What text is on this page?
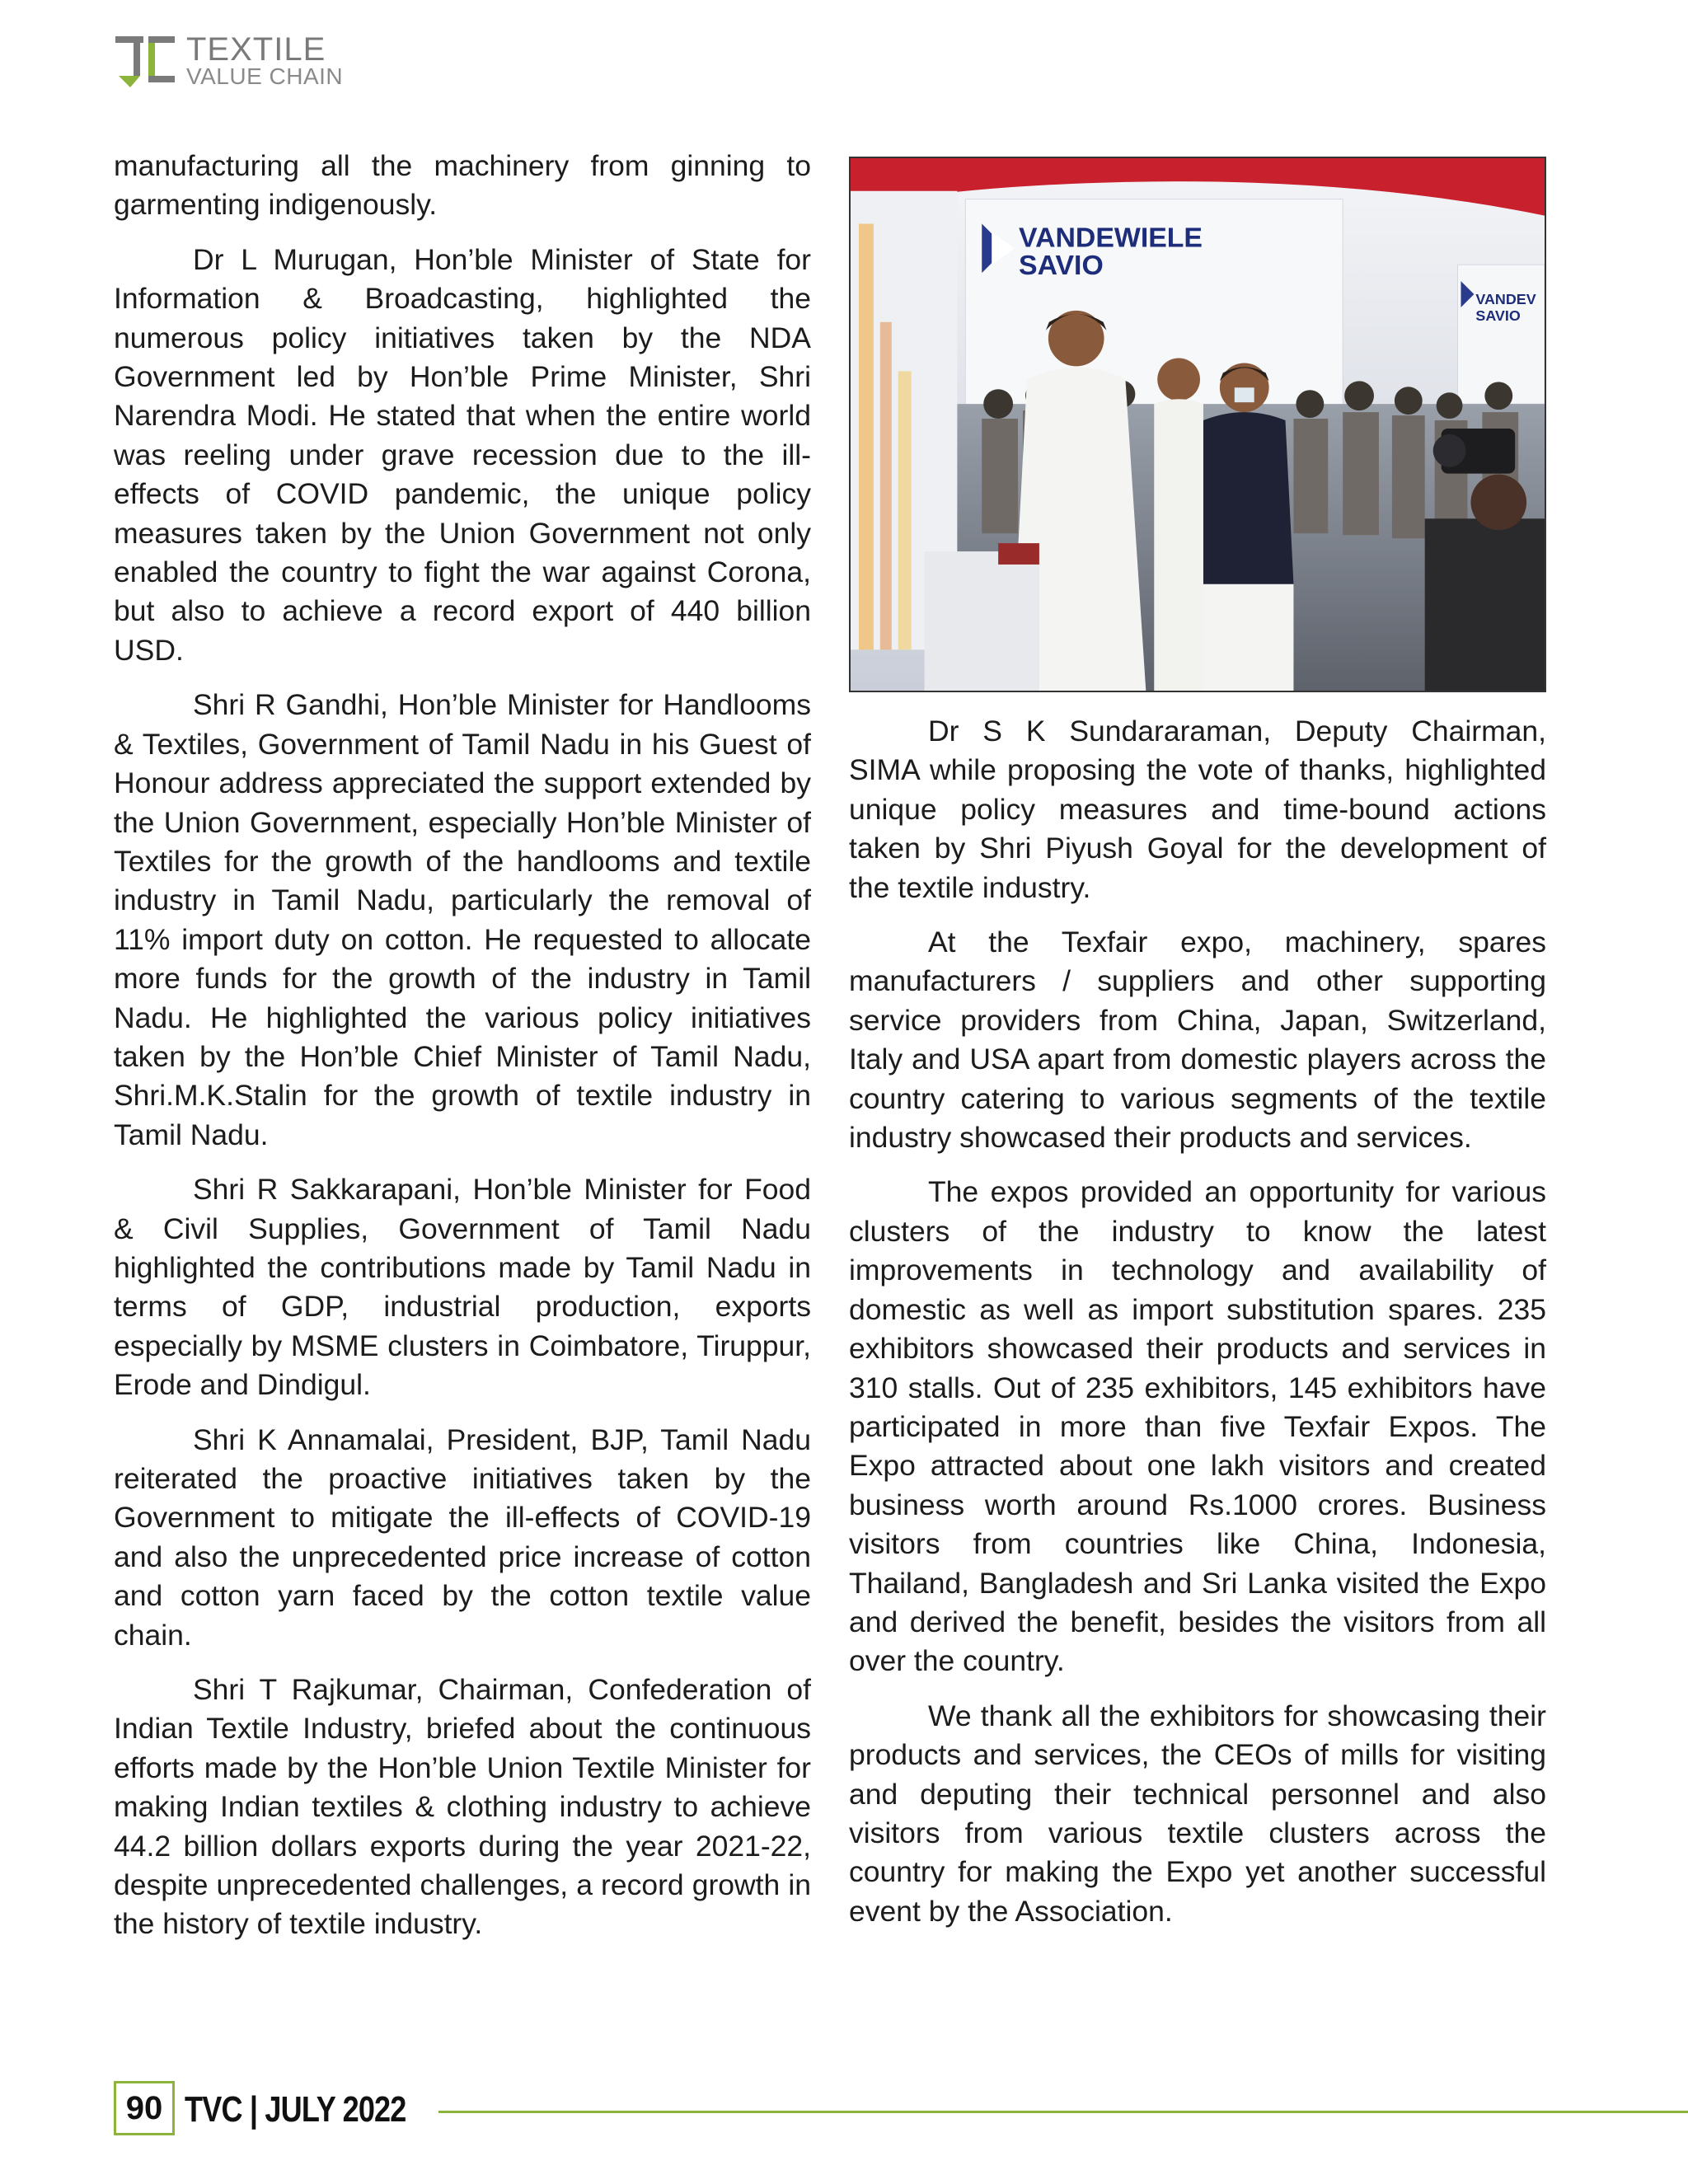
TEXTILE
VALUE CHAIN

manufacturing all the machinery from ginning to garmenting indigenously.

Dr L Murugan, Hon’ble Minister of State for Information & Broadcasting, highlighted the numerous policy initiatives taken by the NDA Government led by Hon’ble Prime Minister, Shri Narendra Modi. He stated that when the entire world was reeling under grave recession due to the ill-effects of COVID pandemic, the unique policy measures taken by the Union Government not only enabled the country to fight the war against Corona, but also to achieve a record export of 440 billion USD.

Shri R Gandhi, Hon’ble Minister for Handlooms & Textiles, Government of Tamil Nadu in his Guest of Honour address appreciated the support extended by the Union Government, especially Hon’ble Minister of Textiles for the growth of the handlooms and textile industry in Tamil Nadu, particularly the removal of 11% import duty on cotton. He requested to allocate more funds for the growth of the industry in Tamil Nadu. He highlighted the various policy initiatives taken by the Hon’ble Chief Minister of Tamil Nadu, Shri.M.K.Stalin for the growth of textile industry in Tamil Nadu.

Shri R Sakkarapani, Hon’ble Minister for Food & Civil Supplies, Government of Tamil Nadu highlighted the contributions made by Tamil Nadu in terms of GDP, industrial production, exports especially by MSME clusters in Coimbatore, Tiruppur, Erode and Dindigul.

Shri K Annamalai, President, BJP, Tamil Nadu reiterated the proactive initiatives taken by the Government to mitigate the ill-effects of COVID-19 and also the unprecedented price increase of cotton and cotton yarn faced by the cotton textile value chain.

Shri T Rajkumar, Chairman, Confederation of Indian Textile Industry, briefed about the continuous efforts made by the Hon’ble Union Textile Minister for making Indian textiles & clothing industry to achieve 44.2 billion dollars exports during the year 2021-22, despite unprecedented challenges, a record growth in the history of textile industry.

VANDEWIELE
SAVIO
VANDEV
SAVIO

Dr S K Sundararaman, Deputy Chairman, SIMA while proposing the vote of thanks, highlighted unique policy measures and time-bound actions taken by Shri Piyush Goyal for the development of the textile industry.

At the Texfair expo, machinery, spares manufacturers / suppliers and other supporting service providers from China, Japan, Switzerland, Italy and USA apart from domestic players across the country catering to various segments of the textile industry showcased their products and services.

The expos provided an opportunity for various clusters of the industry to know the latest improvements in technology and availability of domestic as well as import substitution spares. 235 exhibitors showcased their products and services in 310 stalls. Out of 235 exhibitors, 145 exhibitors have participated in more than five Texfair Expos. The Expo attracted about one lakh visitors and created business worth around Rs.1000 crores. Business visitors from countries like China, Indonesia, Thailand, Bangladesh and Sri Lanka visited the Expo and derived the benefit, besides the visitors from all over the country.

We thank all the exhibitors for showcasing their products and services, the CEOs of mills for visiting and deputing their technical personnel and also visitors from various textile clusters across the country for making the Expo yet another successful event by the Association.

90 TVC | JULY 2022
